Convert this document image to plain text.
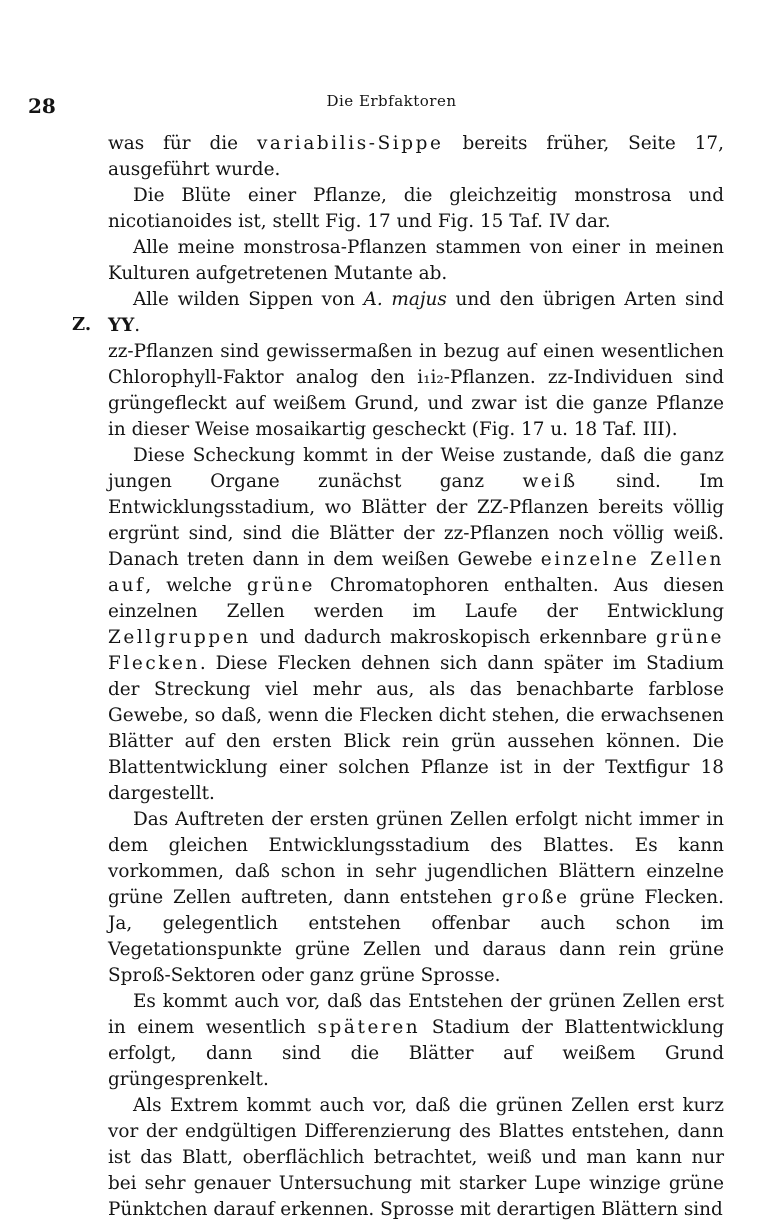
28	Die Erbfaktoren
Z.

was für die variabilis-Sippe bereits früher, Seite 17, ausgeführt wurde.

Die Blüte einer Pflanze, die gleichzeitig monstrosa und nicotianoides ist, stellt Fig. 17 und Fig. 15 Taf. IV dar.

Alle meine monstrosa-Pflanzen stammen von einer in meinen Kulturen aufgetretenen Mutante ab.

Alle wilden Sippen von A. majus und den übrigen Arten sind YY.

zz-Pflanzen sind gewissermaßen in bezug auf einen wesentlichen Chlorophyll-Faktor analog den i₁i₂-Pflanzen. zz-Individuen sind grüngefleckt auf weißem Grund, und zwar ist die ganze Pflanze in dieser Weise mosaikartig gescheckt (Fig. 17 u. 18 Taf. III).

Diese Scheckung kommt in der Weise zustande, daß die ganz jungen Organe zunächst ganz weiß sind. Im Entwicklungsstadium, wo Blätter der ZZ-Pflanzen bereits völlig ergrünt sind, sind die Blätter der zz-Pflanzen noch völlig weiß. Danach treten dann in dem weißen Gewebe einzelne Zellen auf, welche grüne Chromatophoren enthalten. Aus diesen einzelnen Zellen werden im Laufe der Entwicklung Zellgruppen und dadurch makroskopisch erkennbare grüne Flecken. Diese Flecken dehnen sich dann später im Stadium der Streckung viel mehr aus, als das benachbarte farblose Gewebe, so daß, wenn die Flecken dicht stehen, die erwachsenen Blätter auf den ersten Blick rein grün aussehen können. Die Blattentwicklung einer solchen Pflanze ist in der Textfigur 18 dargestellt.

Das Auftreten der ersten grünen Zellen erfolgt nicht immer in dem gleichen Entwicklungsstadium des Blattes. Es kann vorkommen, daß schon in sehr jugendlichen Blättern einzelne grüne Zellen auftreten, dann entstehen große grüne Flecken. Ja, gelegentlich entstehen offenbar auch schon im Vegetationspunkte grüne Zellen und daraus dann rein grüne Sproß-Sektoren oder ganz grüne Sprosse.

Es kommt auch vor, daß das Entstehen der grünen Zellen erst in einem wesentlich späteren Stadium der Blattentwicklung erfolgt, dann sind die Blätter auf weißem Grund grüngesprenkelt.

Als Extrem kommt auch vor, daß die grünen Zellen erst kurz vor der endgültigen Differenzierung des Blattes entstehen, dann ist das Blatt, oberflächlich betrachtet, weiß und man kann nur bei sehr genauer Untersuchung mit starker Lupe winzige grüne Pünktchen darauf erkennen. Sprosse mit derartigen Blättern sind
